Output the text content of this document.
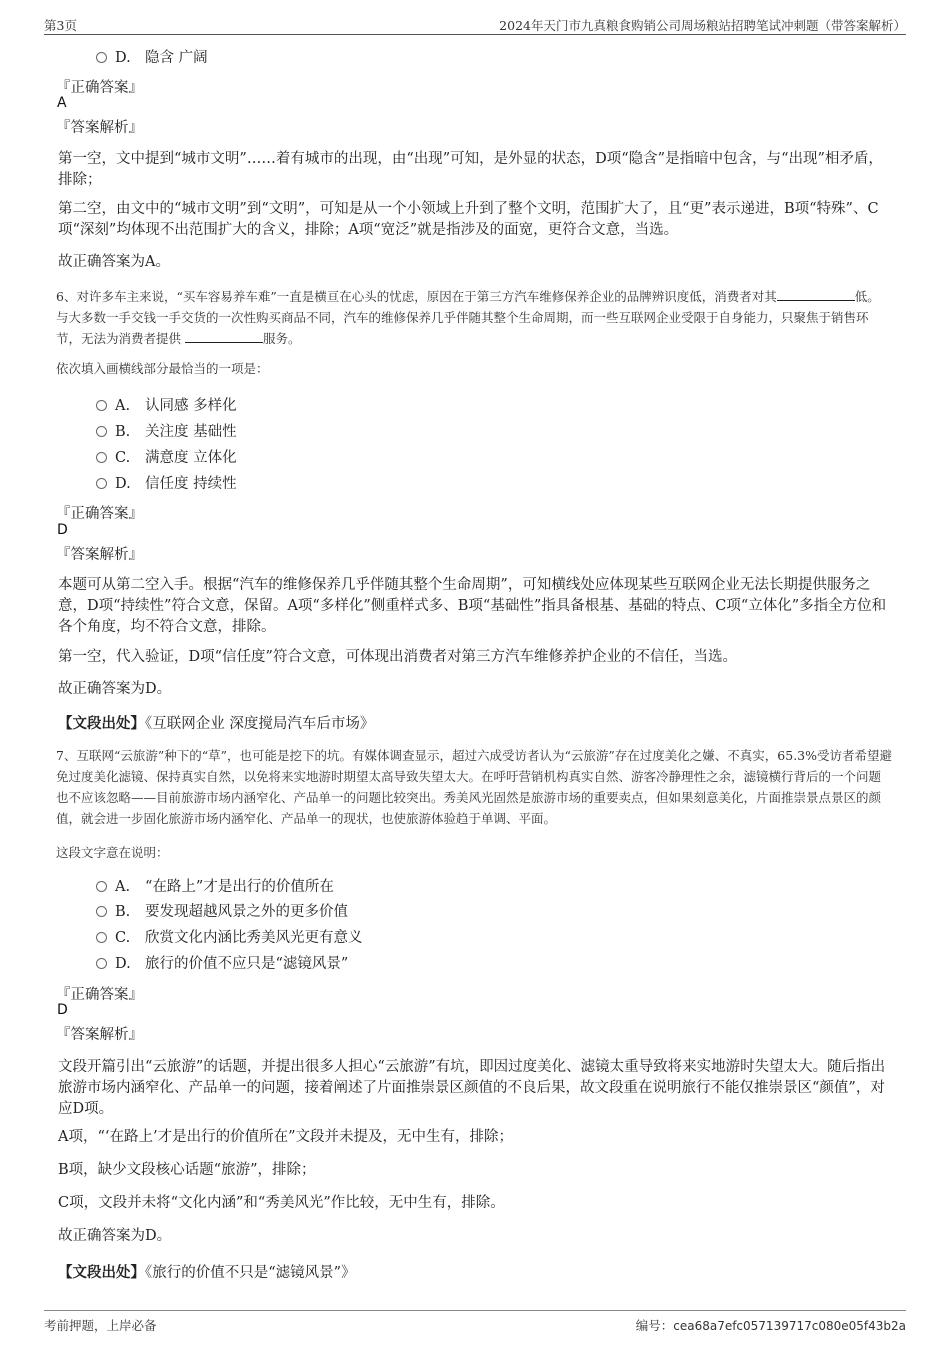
第3页	2024年天门市九真粮食购销公司周场粮站招聘笔试冲刺题（带答案解析）
D. 隐含 广阔
『正确答案』
A
『答案解析』
第一空，文中提到“城市文明”……着有城市的出现，由“出现”可知，是外显的状态，D项“隐含”是指暗中包含，与“出现”相矛盾，排除；
第二空，由文中的“城市文明”到“文明”，可知是从一个小领域上升到了整个文明，范围扩大了，且“更”表示递进，B项“特殊”、C项“深刻”均体现不出范围扩大的含义，排除；A项“宽泛”就是指涉及的面宽，更符合文意，当选。
故正确答案为A。
6、对许多车主来说，“买车容易养车难”一直是横亘在心头的忧虑，原因在于第三方汽车维修保养企业的品牌辨识度低，消费者对其	低。与大多数一手交钱一手交货的一次性购买商品不同，汽车的维修保养几乎伴随其整个生命周期，而一些互联网企业受限于自身能力，只聚焦于销售环节，无法为消费者提供	服务。
依次填入画横线部分最恰当的一项是：
A. 认同感 多样化
B. 关注度 基础性
C. 满意度 立体化
D. 信任度 持续性
『正确答案』
D
『答案解析』
本题可从第二空入手。根据“汽车的维修保养几乎伴随其整个生命周期”，可知横线处应体现某些互联网企业无法长期提供服务之意，D项“持续性”符合文意，保留。A项“多样化”侧重样式多、B项“基础性”指具备根基、基础的特点、C项“立体化”多指全方位和各个角度，均不符合文意，排除。
第一空，代入验证，D项“信任度”符合文意，可体现出消费者对第三方汽车维修养护企业的不信任，当选。
故正确答案为D。
【文段出处】《互联网企业 深度搅局汽车后市场》
7、互联网“云旅游”种下的“草”，也可能是挖下的坑。有媒体调查显示，超过六成受访者认为“云旅游”存在过度美化之嫌、不真实，65.3%受访者希望避免过度美化滤镜、保持真实自然，以免将来实地游时期望太高导致失望太大。在呼吁营销机构真实自然、游客冷静理性之余，滤镜横行背后的一个问题也不应该忽略——目前旅游市场内涵窄化、产品单一的问题比较突出。秀美风光固然是旅游市场的重要卖点，但如果刻意美化，片面推崇景点景区的颜值，就会进一步固化旅游市场内涵窄化、产品单一的现状，也使旅游体验趋于单调、平面。
这段文字意在说明：
A. “在路上”才是出行的价值所在
B. 要发现超越风景之外的更多价值
C. 欣赏文化内涵比秀美风光更有意义
D. 旅行的价值不应只是“滤镜风景”
『正确答案』
D
『答案解析』
文段开篇引出“云旅游”的话题，并提出很多人担心“云旅游”有坑，即因过度美化、滤镜太重导致将来实地游时失望太大。随后指出旅游市场内涵窄化、产品单一的问题，接着阐述了片面推崇景区颜值的不良后果，故文段重在说明旅行不能仅推崇景区“颜值”，对应D项。
A项，“‘在路上’才是出行的价值所在”文段并未提及，无中生有，排除；
B项，缺少文段核心话题“旅游”，排除；
C项，文段并未将“文化内涵”和“秀美风光”作比较，无中生有，排除。
故正确答案为D。
【文段出处】《旅行的价值不只是“滤镜风景”》
考前押题，上岸必备	编号：cea68a7efc057139717c080e05f43b2a
